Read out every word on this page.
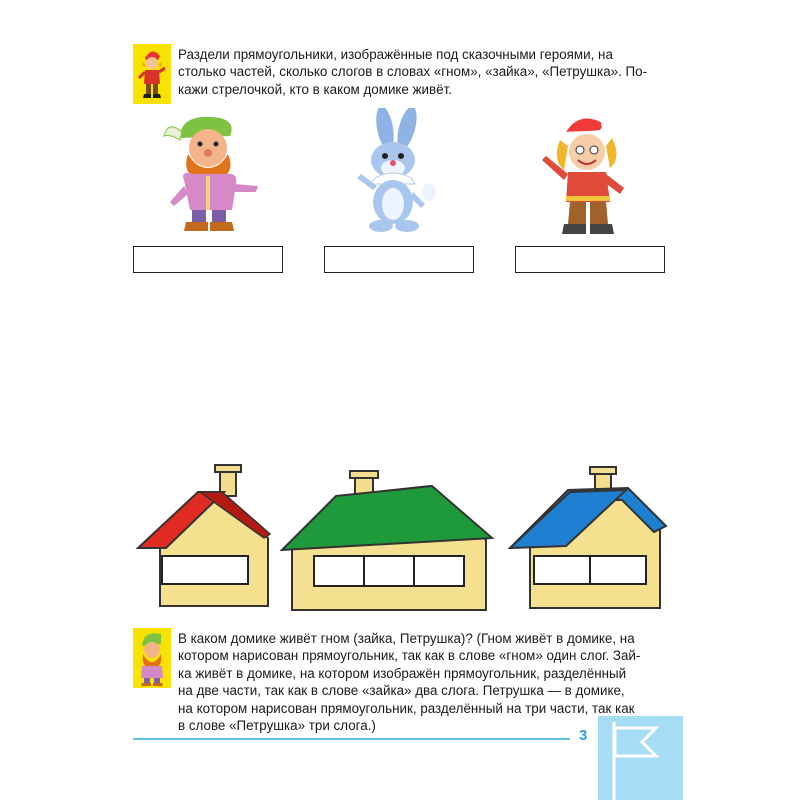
Раздели прямоугольники, изображённые под сказочными героями, на
столько частей, сколько слогов в словах «гном», «зайка», «Петрушка». По-
кажи стрелочкой, кто в каком домике живёт.
В каком домике живёт гном (зайка, Петрушка)? (Гном живёт в домике, на
котором нарисован прямоугольник, так как в слове «гном» один слог. Зай-
ка живёт в домике, на котором изображён прямоугольник, разделённый
на две части, так как в слове «зайка» два слога. Петрушка — в домике,
на котором нарисован прямоугольник, разделённый на три части, так как
в слове «Петрушка» три слога.)
3
